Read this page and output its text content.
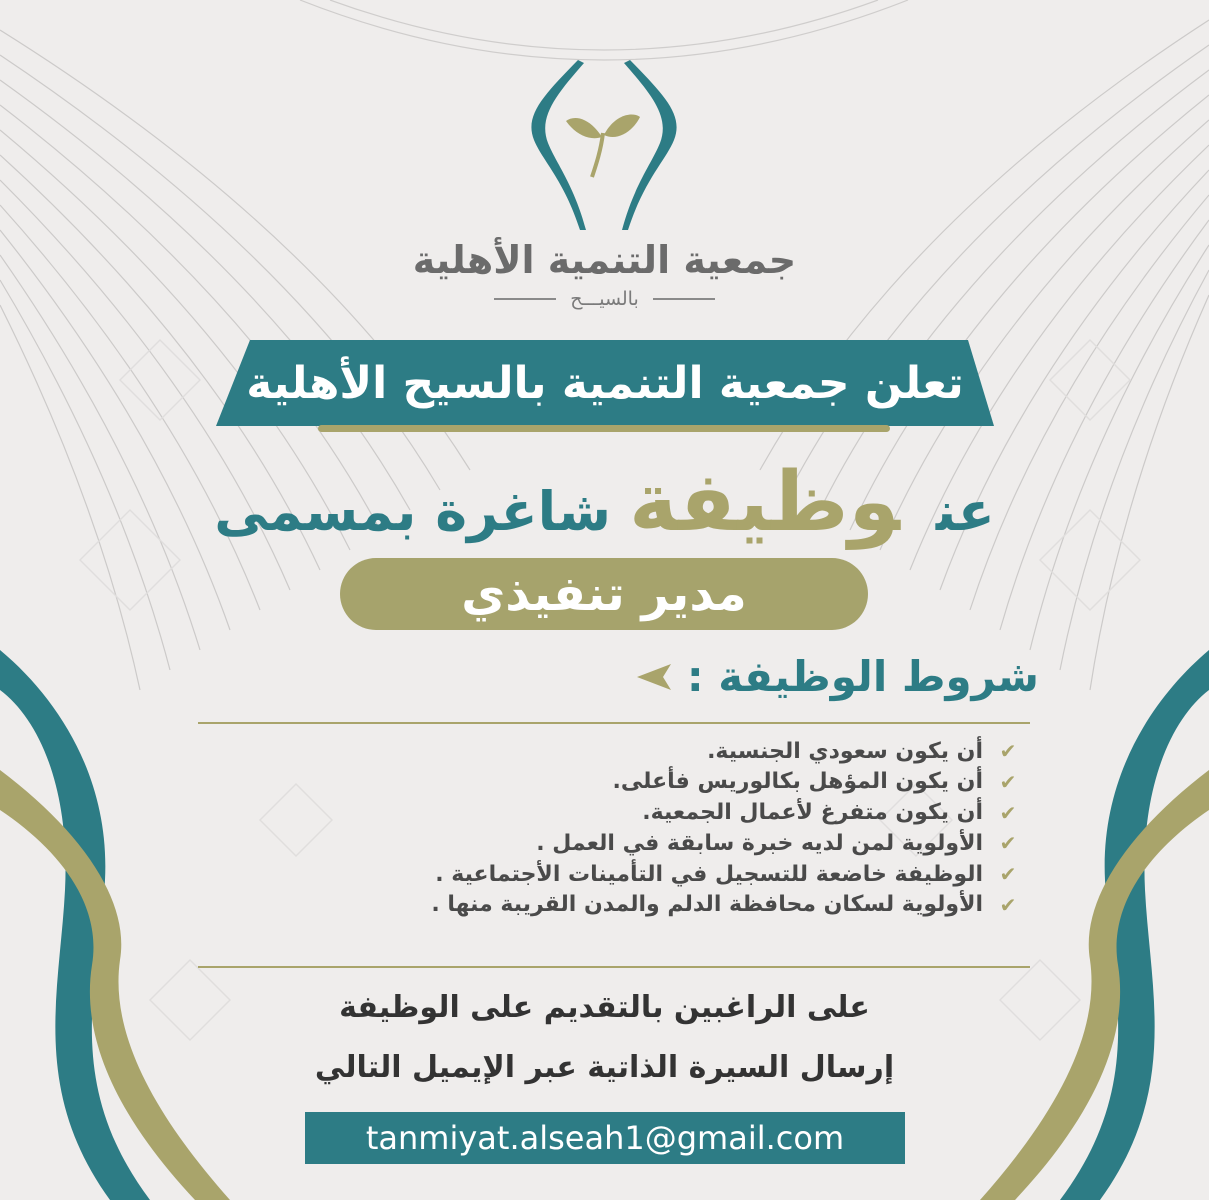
جمعية التنمية الأهلية
بالسيـــح
تعلن جمعية التنمية بالسيح الأهلية
عنوظيفةشاغرة بمسمى
مدير تنفيذي
شروط الوظيفة :
✔
أن يكون سعودي الجنسية.
✔
أن يكون المؤهل بكالوريس فأعلى.
✔
أن يكون متفرغ لأعمال الجمعية.
✔
الأولوية لمن لديه خبرة سابقة في العمل .
✔
الوظيفة خاضعة للتسجيل في التأمينات الأجتماعية .
✔
الأولوية لسكان محافظة الدلم والمدن القريبة منها .
على الراغبين بالتقديم على الوظيفة
إرسال السيرة الذاتية عبر الإيميل التالي
tanmiyat.alseah1@gmail.com
